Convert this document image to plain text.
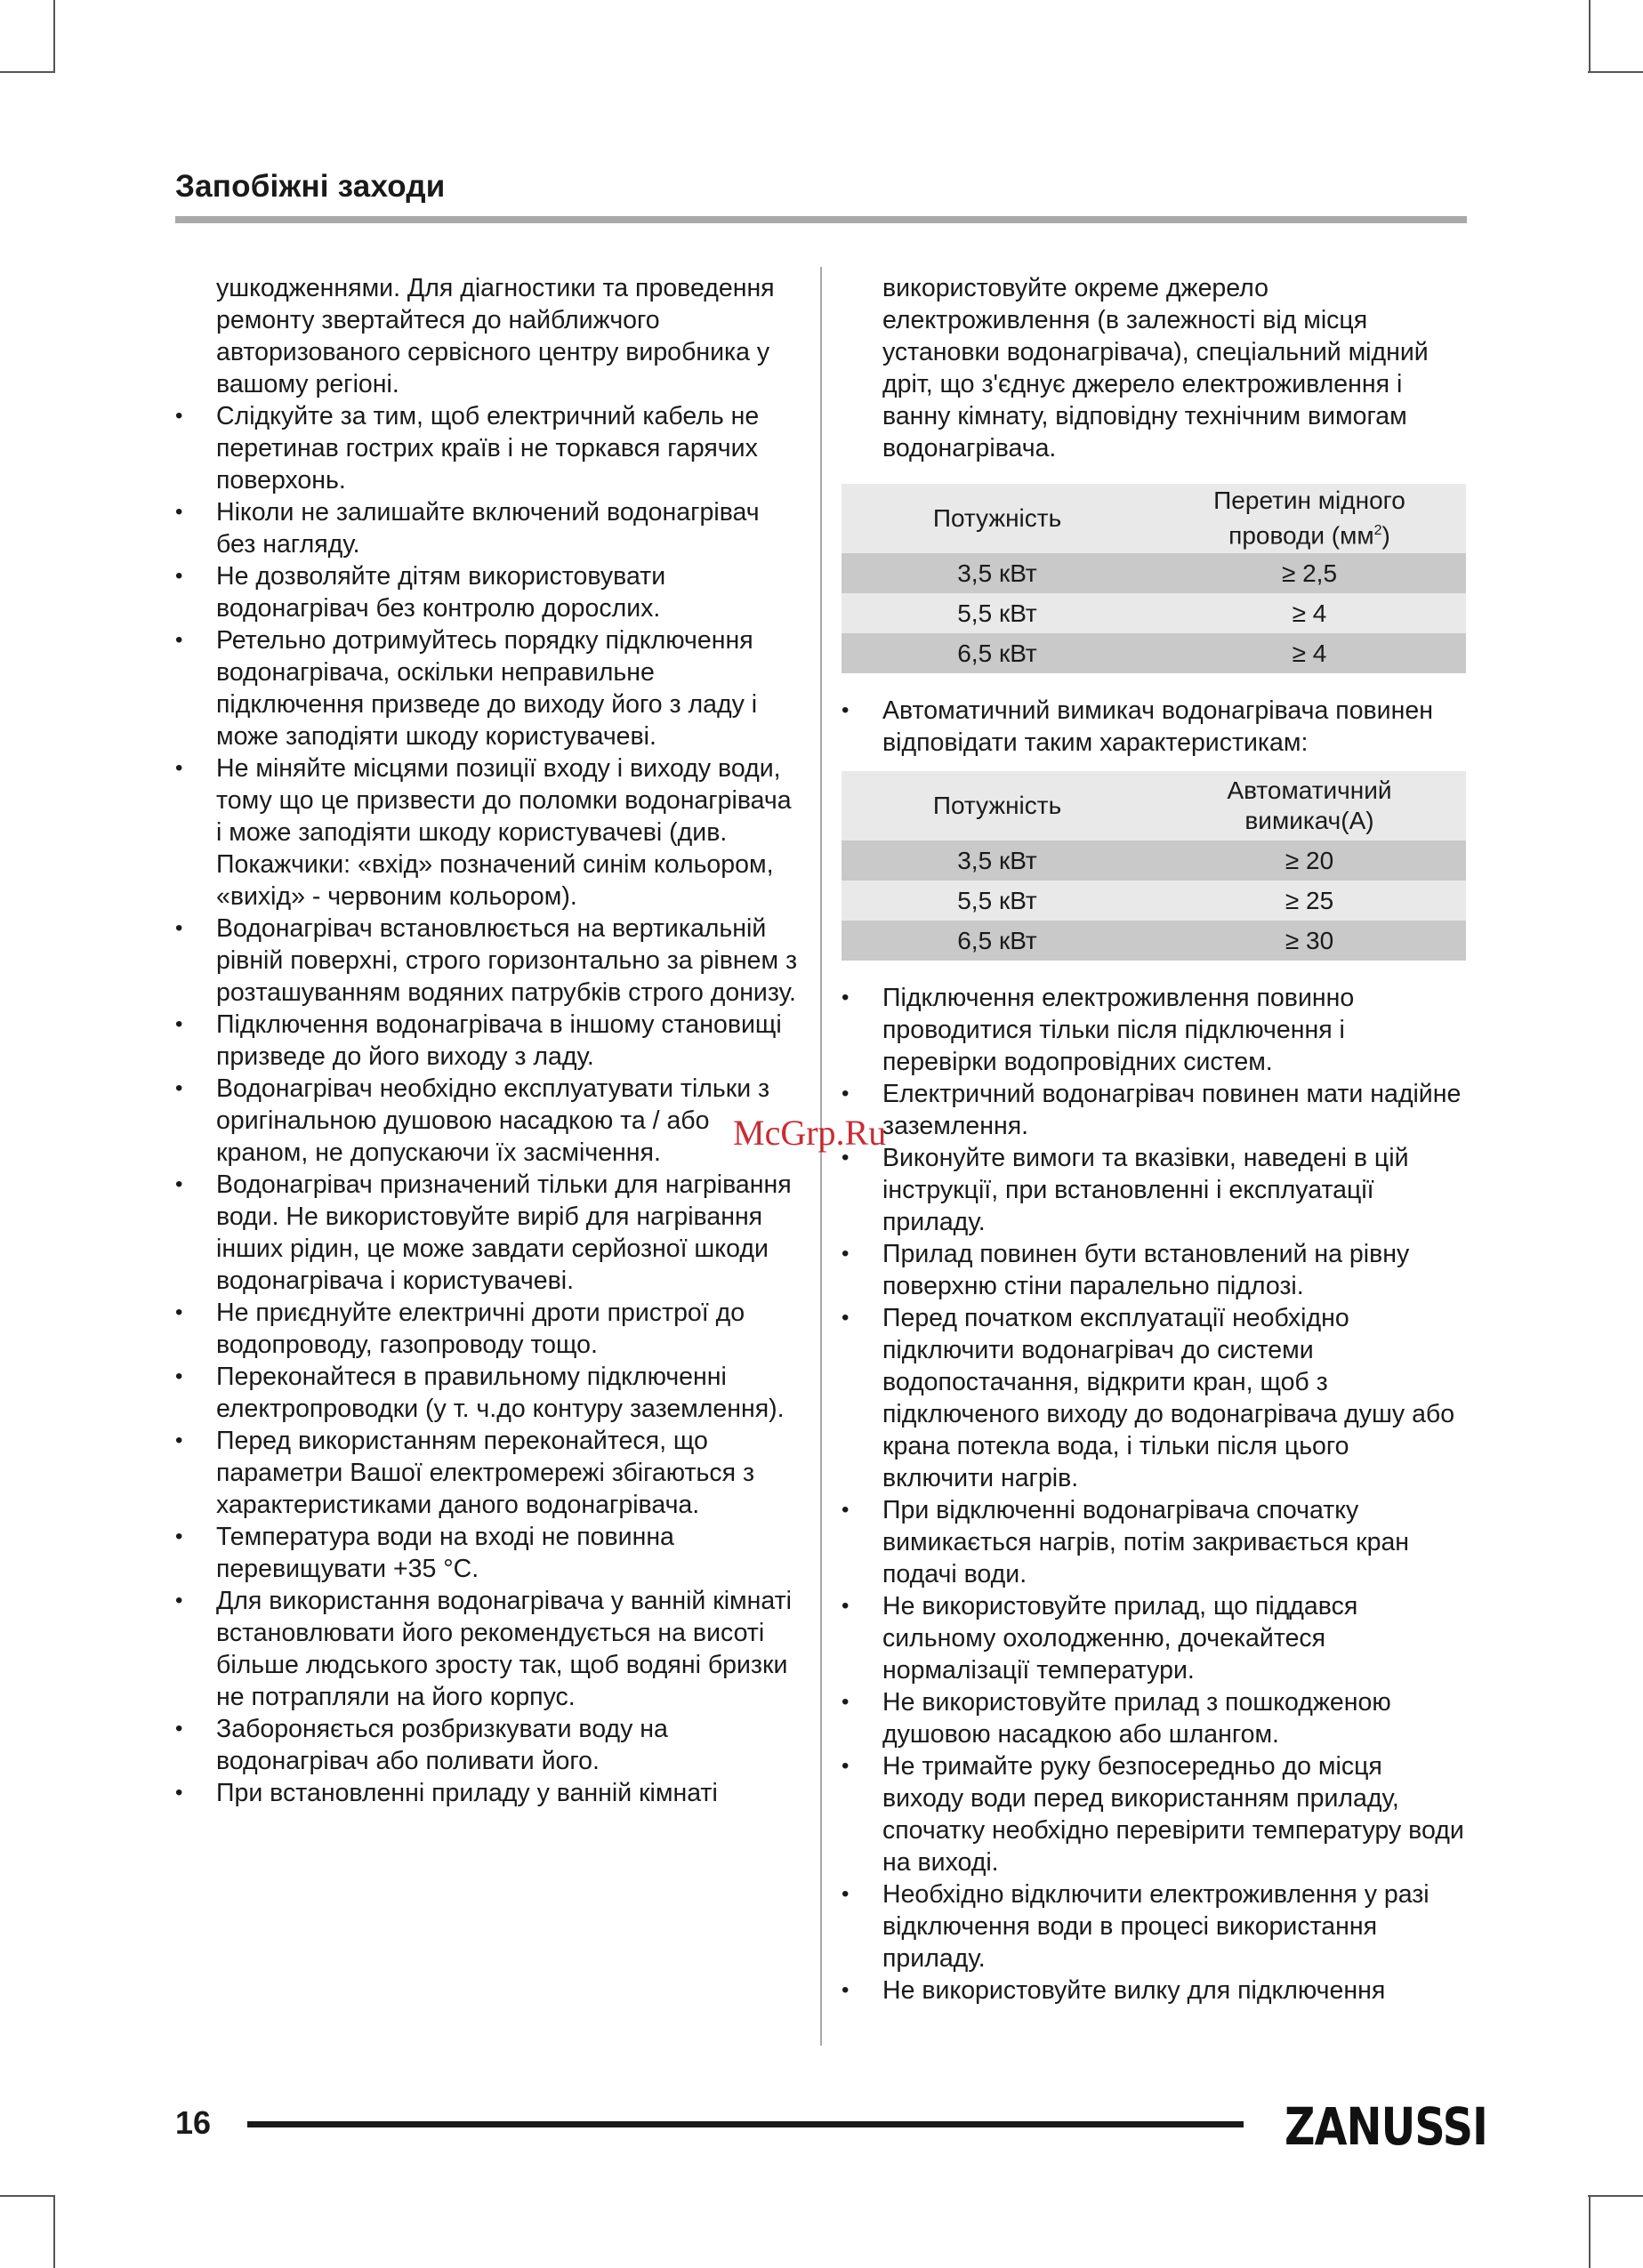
Запобіжні заходи

ушкодженнями. Для діагностики та проведення ремонту звертайтеся до найближчого авторизованого сервісного центру виробника у вашому регіоні.

• Слідкуйте за тим, щоб електричний кабель не перетинав гострих країв і не торкався гарячих поверхонь.
• Ніколи не залишайте включений водонагрівач без нагляду.
• Не дозволяйте дітям використовувати водонагрівач без контролю дорослих.
• Ретельно дотримуйтесь порядку підключення водонагрівача, оскільки неправильне підключення призведе до виходу його з ладу і може заподіяти шкоду користувачеві.
• Не міняйте місцями позиції входу і виходу води, тому що це призвести до поломки водонагрівача і може заподіяти шкоду користувачеві (див. Покажчики: «вхід» позначений синім кольором, «вихід» - червоним кольором).
• Водонагрівач встановлюється на вертикальній рівній поверхні, строго горизонтально за рівнем з розташуванням водяних патрубків строго донизу.
• Підключення водонагрівача в іншому становищі призведе до його виходу з ладу.
• Водонагрівач необхідно експлуатувати тільки з оригінальною душовою насадкою та / або краном, не допускаючи їх засмічення.
• Водонагрівач призначений тільки для нагрівання води. Не використовуйте виріб для нагрівання інших рідин, це може завдати серйозної шкоди водонагрівача і користувачеві.
• Не приєднуйте електричні дроти пристрої до водопроводу, газопроводу тощо.
• Переконайтеся в правильному підключенні електропроводки (у т. ч.до контуру заземлення).
• Перед використанням переконайтеся, що параметри Вашої електромережі збігаються з характеристиками даного водонагрівача.
• Температура води на вході не повинна перевищувати +35 °С.
• Для використання водонагрівача у ванній кімнаті встановлювати його рекомендується на висоті більше людського зросту так, щоб водяні бризки не потрапляли на його корпус.
• Забороняється розбризкувати воду на водонагрівач або поливати його.
• При встановленні приладу у ванній кімнаті

використовуйте окреме джерело електроживлення (в залежності від місця установки водонагрівача), спеціальний мідний дріт, що з'єднує джерело електроживлення і ванну кімнату, відповідну технічним вимогам водонагрівача.

Потужність	Перетин мідного
проводи $(мм^2)$
3,5 кВт	≥ 2,5
5,5 кВт	≥ 4
6,5 кВт	≥ 4
• Автоматичний вимикач водонагрівача повинен відповідати таким характеристикам:
Потужність	Автоматичний
вимикач(А)
3,5 кВт	≥ 20
5,5 кВт	≥ 25
6,5 кВт	≥ 30
• Підключення електроживлення повинно проводитися тільки після підключення і перевірки водопровідних систем.
• Електричний водонагрівач повинен мати надійне заземлення.
• Виконуйте вимоги та вказівки, наведені в цій інструкції, при встановленні і експлуатації приладу.
• Прилад повинен бути встановлений на рівну поверхню стіни паралельно підлозі.
• Перед початком експлуатації необхідно підключити водонагрівач до системи водопостачання, відкрити кран, щоб з підключеного виходу до водонагрівача душу або крана потекла вода, і тільки після цього включити нагрів.
• При відключенні водонагрівача спочатку вимикається нагрів, потім закривається кран подачі води.
• Не використовуйте прилад, що піддався сильному охолодженню, дочекайтеся нормалізації температури.
• Не використовуйте прилад з пошкодженою душовою насадкою або шлангом.
• Не тримайте руку безпосередньо до місця виходу води перед використанням приладу, спочатку необхідно перевірити температуру води на виході.
• Необхідно відключити електроживлення у разі відключення води в процесі використання приладу.
• Не використовуйте вилку для підключення
McGrp.Ru
16	ZANUSSI
